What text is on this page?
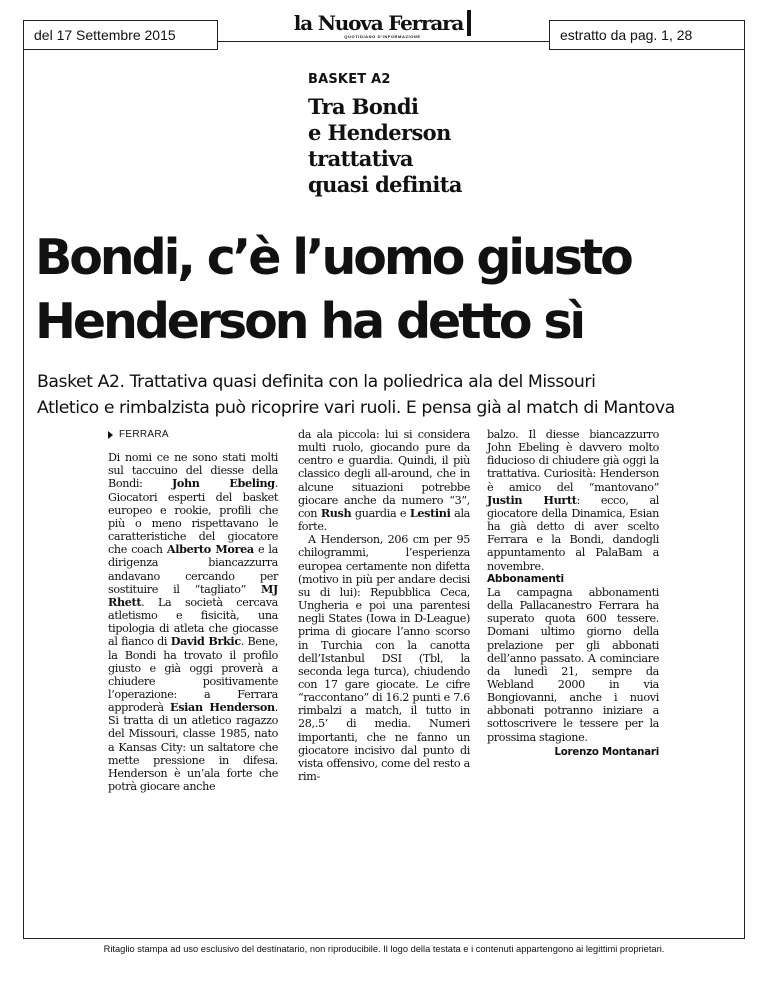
del 17 Settembre 2015	estratto da pag. 1, 28
la Nuova Ferrara
QUOTIDIANO D'INFORMAZIONE
BASKET A2
Tra Bondi
e Henderson
trattativa
quasi definita
Bondi, c’è l’uomo giusto
Henderson ha detto sì
Basket A2. Trattativa quasi definita con la poliedrica ala del Missouri
Atletico e rimbalzista può ricoprire vari ruoli. E pensa già al match di Mantova
FERRARA

Di nomi ce ne sono stati molti sul taccuino del diesse della Bondi: John Ebeling. Giocatori esperti del basket europeo e rookie, profili che più o meno rispettavano le caratteristiche del giocatore che coach Alberto Morea e la dirigenza biancazzurra andavano cercando per sostituire il “tagliato” MJ Rhett. La società cercava atletismo e fisicità, una tipologia di atleta che giocasse al fianco di David Brkic. Bene, la Bondi ha trovato il profilo giusto e già oggi proverà a chiudere positivamente l’operazione: a Ferrara approderà Esian Henderson. Si tratta di un atletico ragazzo del Missouri, classe 1985, nato a Kansas City: un saltatore che mette pressione in difesa. Henderson è un’ala forte che potrà giocare anche

da ala piccola: lui si considera multi ruolo, giocando pure da centro e guardia. Quindi, il più classico degli all-around, che in alcune situazioni potrebbe giocare anche da numero “3”, con Rush guardia e Lestini ala forte.

A Henderson, 206 cm per 95 chilogrammi, l’esperienza europea certamente non difetta (motivo in più per andare decisi su di lui): Repubblica Ceca, Ungheria e poi una parentesi negli States (Iowa in D-League) prima di giocare l’anno scorso in Turchia con la canotta dell’Istanbul DSI (Tbl, la seconda lega turca), chiudendo con 17 gare giocate. Le cifre “raccontano” di 16.2 punti e 7.6 rimbalzi a match, il tutto in 28,.5’ di media. Numeri importanti, che ne fanno un giocatore incisivo dal punto di vista offensivo, come del resto a rim-

balzo. Il diesse biancazzurro John Ebeling è davvero molto fiducioso di chiudere già oggi la trattativa. Curiosità: Henderson è amico del “mantovano” Justin Hurtt: ecco, al giocatore della Dinamica, Esian ha già detto di aver scelto Ferrara e la Bondi, dandogli appuntamento al PalaBam a novembre.

Abbonamenti

La campagna abbonamenti della Pallacanestro Ferrara ha superato quota 600 tessere. Domani ultimo giorno della prelazione per gli abbonati dell’anno passato. A cominciare da lunedì 21, sempre da Webland 2000 in via Bongiovanni, anche i nuovi abbonati potranno iniziare a sottoscrivere le tessere per la prossima stagione.

Lorenzo Montanari
Ritaglio stampa ad uso esclusivo del destinatario, non riproducibile. Il logo della testata e i contenuti appartengono ai legittimi proprietari.
